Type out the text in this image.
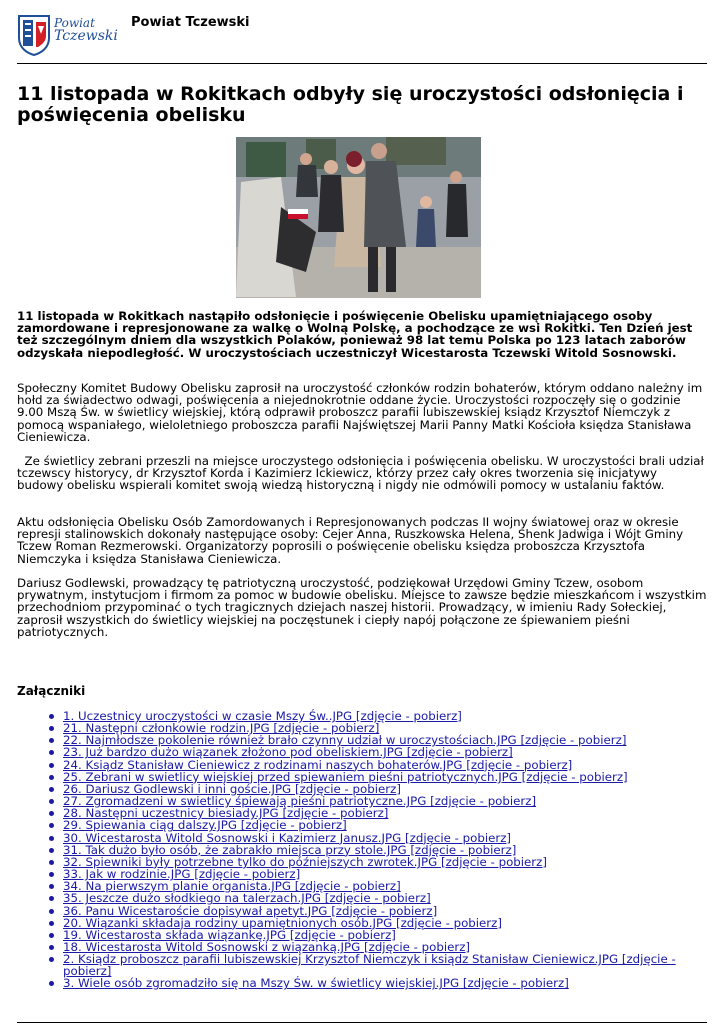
Powiat
Tczewski
Powiat Tczewski
11 listopada w Rokitkach odbyły się uroczystości odsłonięcia i poświęcenia obelisku

11 listopada w Rokitkach nastąpiło odsłonięcie i poświęcenie Obelisku upamiętniającego osoby zamordowane i represjonowane za walkę o Wolną Polskę, a pochodzące ze wsi Rokitki. Ten Dzień jest też szczególnym dniem dla wszystkich Polaków, ponieważ 98 lat temu Polska po 123 latach zaborów odzyskała niepodległość. W uroczystościach uczestniczył Wicestarosta Tczewski Witold Sosnowski.

Społeczny Komitet Budowy Obelisku zaprosił na uroczystość członków rodzin bohaterów, którym oddano należny im hołd za świadectwo odwagi, poświęcenia a niejednokrotnie oddane życie. Uroczystości rozpoczęły się o godzinie 9.00 Mszą Św. w świetlicy wiejskiej, którą odprawił proboszcz parafii lubiszewskiej ksiądz Krzysztof Niemczyk z pomocą wspaniałego, wieloletniego proboszcza parafii Najświętszej Marii Panny Matki Kościoła księdza Stanisława Cieniewicza.

Ze świetlicy zebrani przeszli na miejsce uroczystego odsłonięcia i poświęcenia obelisku. W uroczystości brali udział tczewscy historycy, dr Krzysztof Korda i Kazimierz Ickiewicz, którzy przez cały okres tworzenia się inicjatywy budowy obelisku wspierali komitet swoją wiedzą historyczną i nigdy nie odmówili pomocy w ustalaniu faktów.

Aktu odsłonięcia Obelisku Osób Zamordowanych i Represjonowanych podczas II wojny światowej oraz w okresie represji stalinowskich dokonały następujące osoby: Cejer Anna, Ruszkowska Helena, Shenk Jadwiga i Wójt Gminy Tczew Roman Rezmerowski. Organizatorzy poprosili o poświęcenie obelisku księdza proboszcza Krzysztofa Niemczyka i księdza Stanisława Cieniewicza.

Dariusz Godlewski, prowadzący tę patriotyczną uroczystość, podziękował Urzędowi Gminy Tczew, osobom prywatnym, instytucjom i firmom za pomoc w budowie obelisku. Miejsce to zawsze będzie mieszkańcom i wszystkim przechodniom przypominać o tych tragicznych dziejach naszej historii. Prowadzący, w imieniu Rady Sołeckiej, zaprosił wszystkich do świetlicy wiejskiej na poczęstunek i ciepły napój połączone ze śpiewaniem pieśni patriotycznych.

Załączniki
1. Uczestnicy uroczystości w czasie Mszy Św..JPG [zdjęcie - pobierz]
21. Następni członkowie rodzin.JPG [zdjęcie - pobierz]
22. Najmłodsze pokolenie również brało czynny udział w uroczystościach.JPG [zdjęcie - pobierz]
23. Już bardzo dużo wiązanek złożono pod obeliskiem.JPG [zdjęcie - pobierz]
24. Ksiądz Stanisław Cieniewicz z rodzinami naszych bohaterów.JPG [zdjęcie - pobierz]
25. Zebrani w swietlicy wiejskiej przed spiewaniem pieśni patriotycznych.JPG [zdjęcie - pobierz]
26. Dariusz Godlewski i inni goście.JPG [zdjęcie - pobierz]
27. Zgromadzeni w swietlicy śpiewają pieśni patriotyczne.JPG [zdjęcie - pobierz]
28. Następni uczestnicy biesiady.JPG [zdjęcie - pobierz]
29. Spiewania ciąg dalszy.JPG [zdjęcie - pobierz]
30. Wicestarosta Witold Sosnowski i Kazimierz Janusz.JPG [zdjęcie - pobierz]
31. Tak dużo było osób, że zabrakło miejsca przy stole.JPG [zdjęcie - pobierz]
32. Spiewniki były potrzebne tylko do późniejszych zwrotek.JPG [zdjęcie - pobierz]
33. Jak w rodzinie.JPG [zdjęcie - pobierz]
34. Na pierwszym planie organista.JPG [zdjęcie - pobierz]
35. Jeszcze dużo słodkiego na talerzach.JPG [zdjęcie - pobierz]
36. Panu Wicestaroście dopisywał apetyt.JPG [zdjęcie - pobierz]
20. Wiązanki składaja rodziny upamiętnionych osób.JPG [zdjęcie - pobierz]
19. Wicestarosta składa wiązankę.JPG [zdjęcie - pobierz]
18. Wicestarosta Witold Sosnowski z wiązanką.JPG [zdjęcie - pobierz]
2. Ksiądz proboszcz parafii lubiszewskiej Krzysztof Niemczyk i ksiądz Stanisław Cieniewicz.JPG [zdjęcie - pobierz]
3. Wiele osób zgromadziło się na Mszy Św. w świetlicy wiejskiej.JPG [zdjęcie - pobierz]
